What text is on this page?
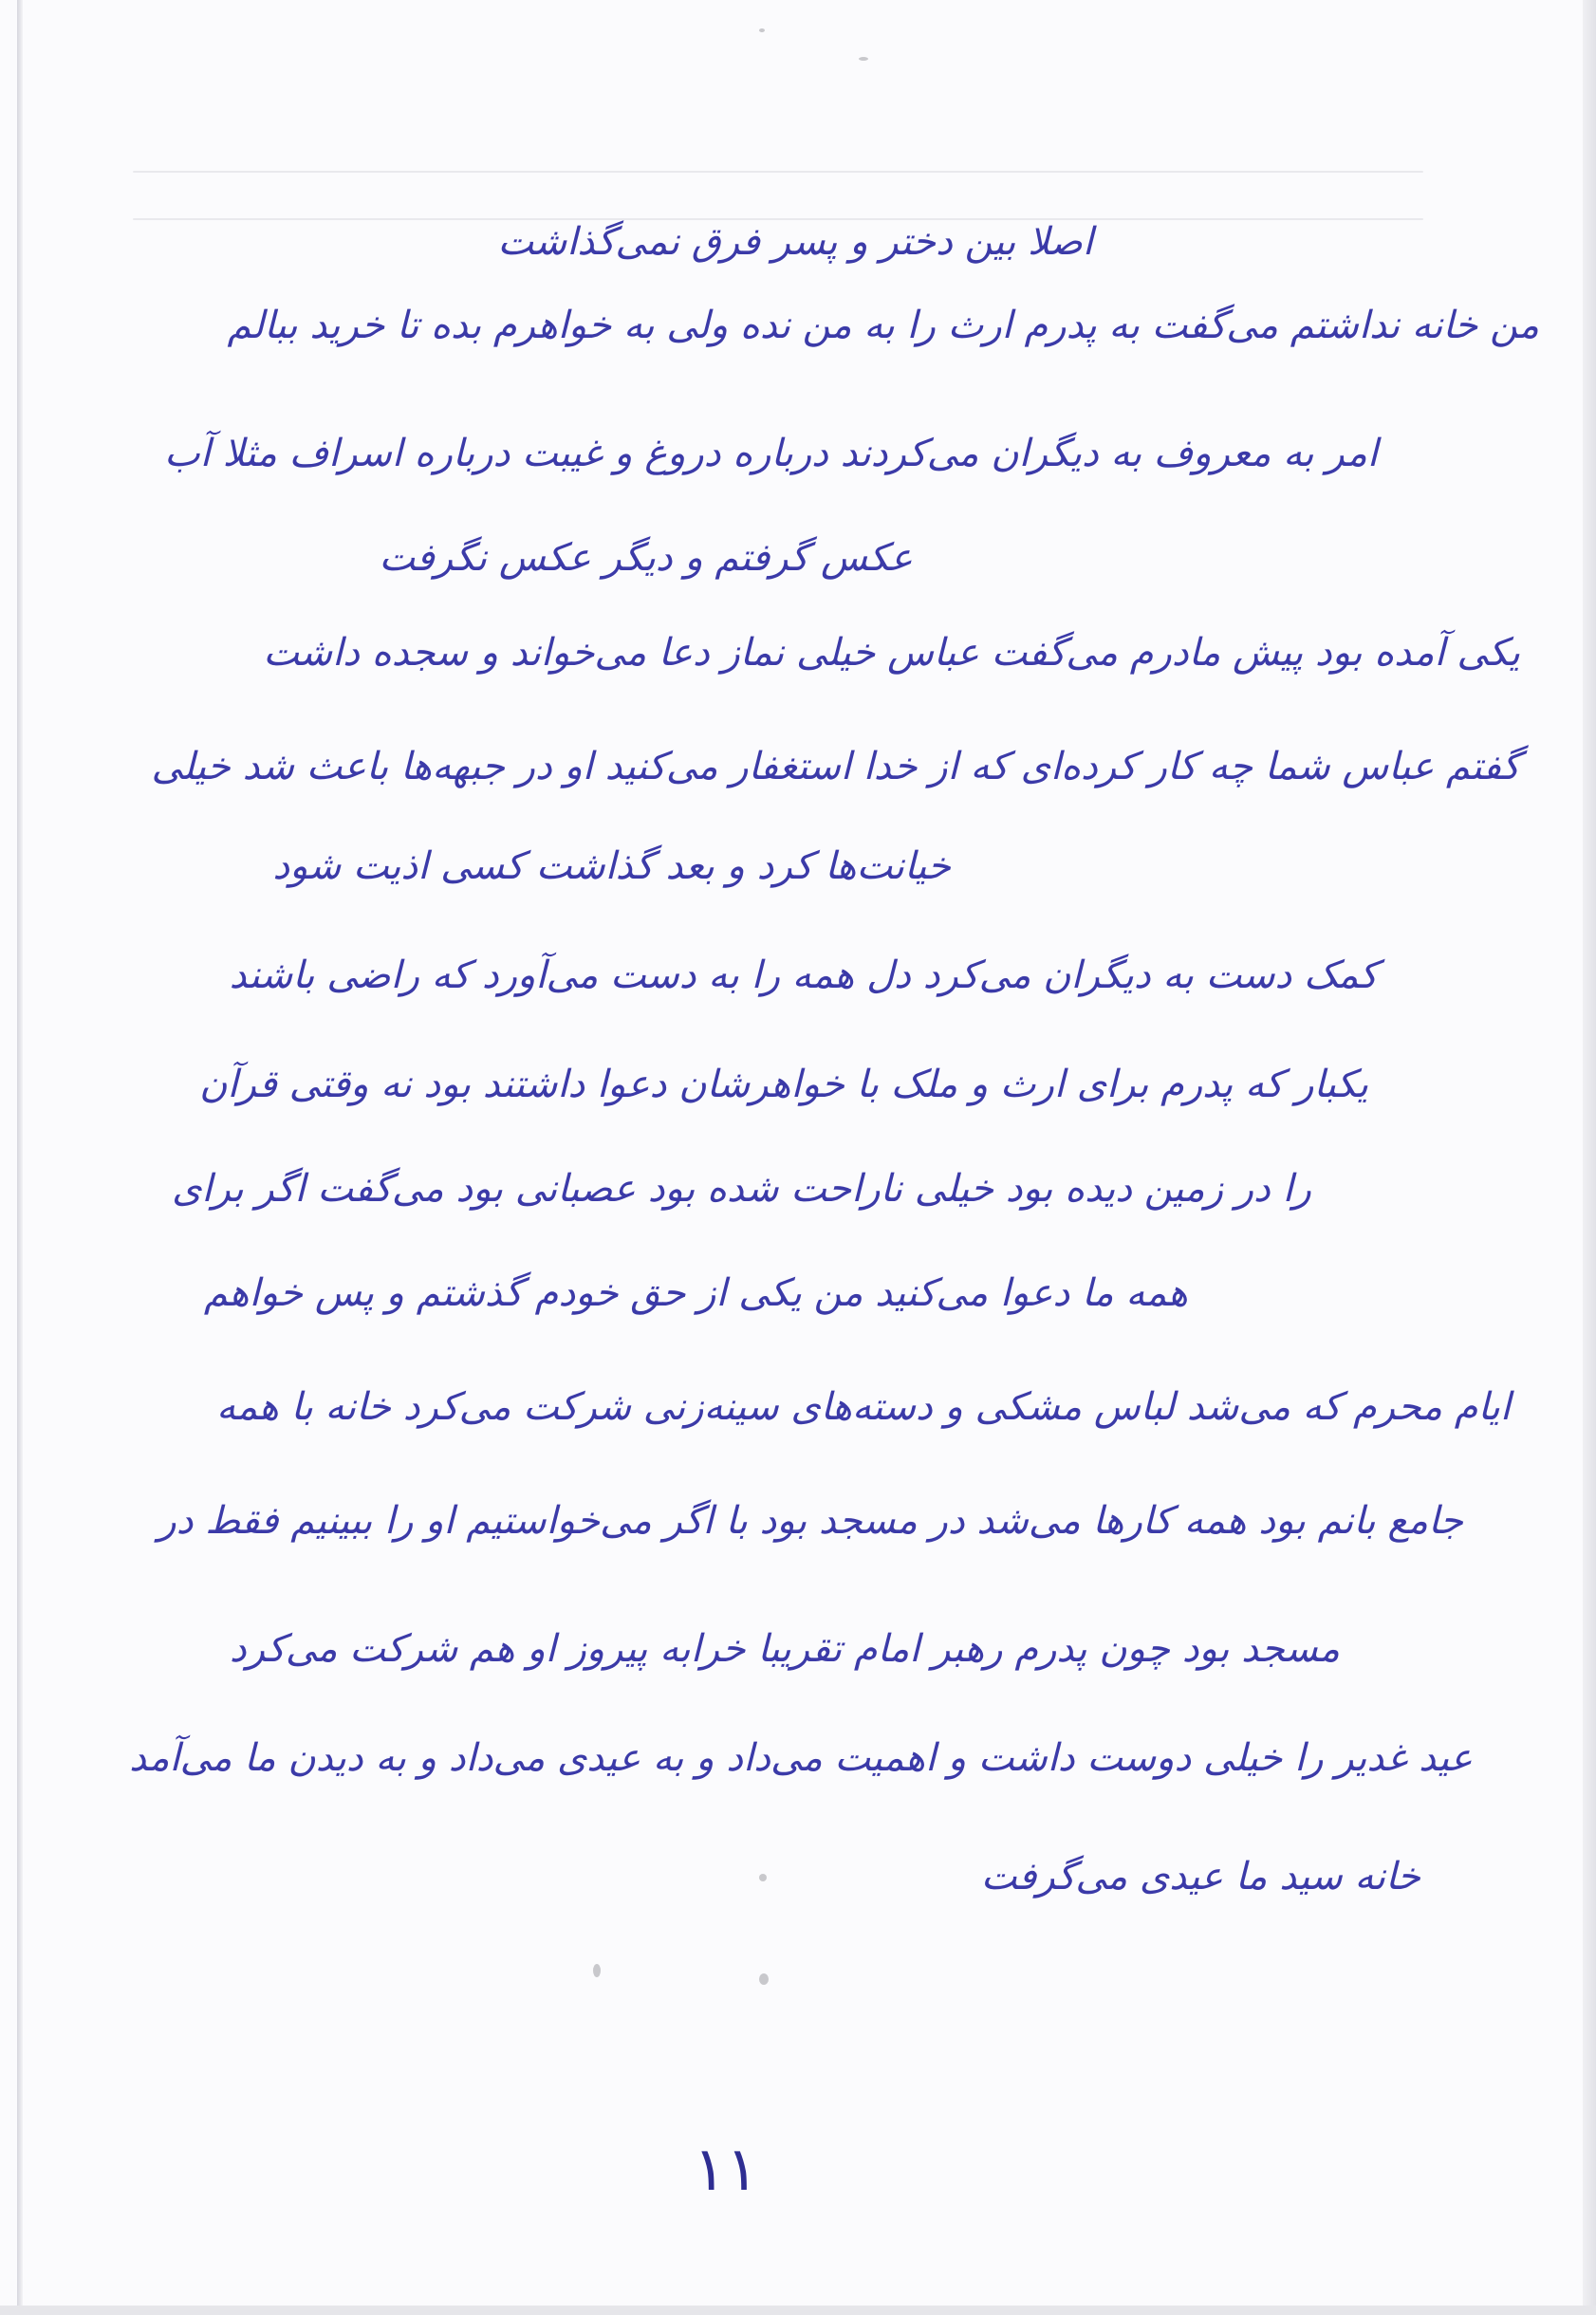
اصلا بین دختر و پسر فرق نمی‌گذاشت
من خانه نداشتم می‌گفت به پدرم ارث را به من نده ولی به خواهرم بده تا خرید ببالم
امر به معروف به دیگران می‌کردند درباره دروغ و غیبت درباره اسراف مثلا آب
عکس گرفتم و دیگر عکس نگرفت
یکی آمده بود پیش مادرم می‌گفت عباس خیلی نماز دعا می‌خواند و سجده داشت
گفتم عباس شما چه کار کرده‌ای که از خدا استغفار می‌کنید او در جبهه‌ها باعث شد خیلی
خیانت‌ها کرد و بعد گذاشت کسی اذیت شود
کمک دست به دیگران می‌کرد دل همه را به دست می‌آورد که راضی باشند
یکبار که پدرم برای ارث و ملک با خواهرشان دعوا داشتند بود نه وقتی قرآن
را در زمین دیده بود خیلی ناراحت شده بود عصبانی بود می‌گفت اگر برای
همه ما دعوا می‌کنید من یکی از حق خودم گذشتم و پس خواهم
ایام محرم که می‌شد لباس مشکی و دسته‌های سینه‌زنی شرکت می‌کرد خانه با همه
جامع بانم بود همه کارها می‌شد در مسجد بود با اگر می‌خواستیم او را ببینیم فقط در
مسجد بود چون پدرم رهبر امام تقریبا خرابه پیروز او هم شرکت می‌کرد
عید غدیر را خیلی دوست داشت و اهمیت می‌داد و به عیدی می‌داد و به دیدن ما می‌آمد
خانه سید ما عیدی می‌گرفت
١١
